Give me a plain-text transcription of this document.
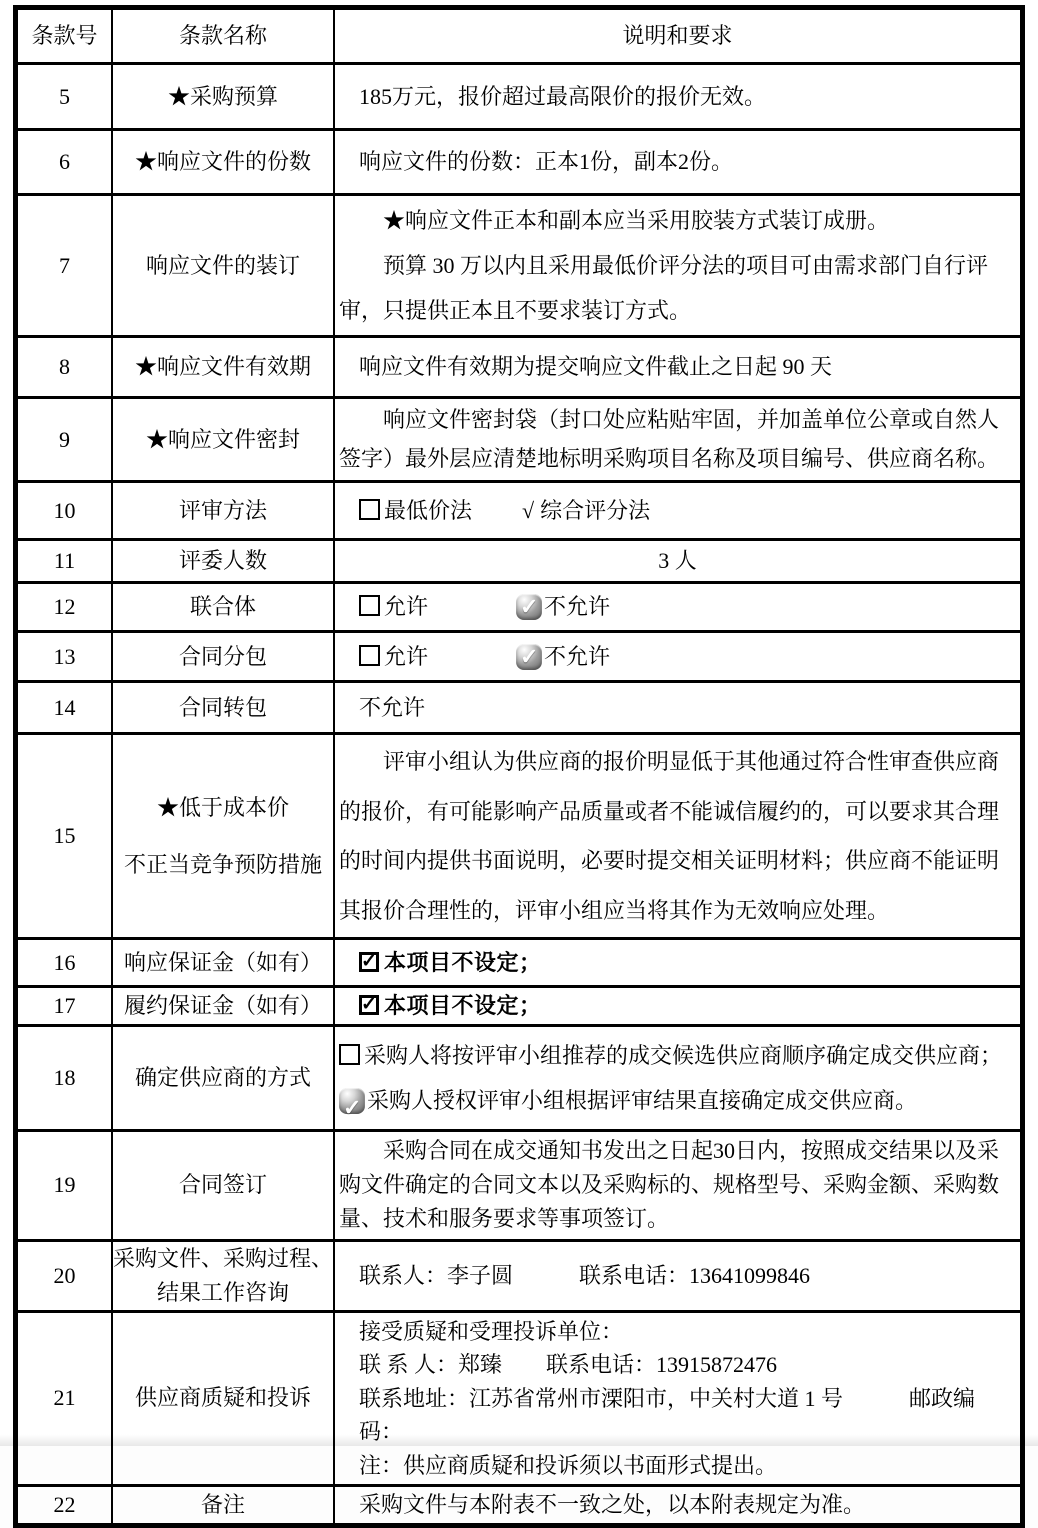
条款号	条款名称	说明和要求
5	★采购预算	185万元，报价超过最高限价的报价无效。
6	★响应文件的份数	响应文件的份数：正本1份，副本2份。
7	响应文件的装订	★响应文件正本和副本应当采用胶装方式装订成册。
预算 30 万以内且采用最低价评分法的项目可由需求部门自行评审，只提供正本且不要求装订方式。

8	★响应文件有效期	响应文件有效期为提交响应文件截止之日起 90 天
9	★响应文件密封	响应文件密封袋（封口处应粘贴牢固，并加盖单位公章或自然人签字）最外层应清楚地标明采购项目名称及项目编号、供应商名称。

10	评审方法	最低价法 √ 综合评分法
11	评委人数	3 人
12	联合体	允许 ✓ 不允许
13	合同分包	允许 ✓ 不允许
14	合同转包	不允许
15	★低于成本价
不正当竞争预防措施	评审小组认为供应商的报价明显低于其他通过符合性审查供应商的报价，有可能影响产品质量或者不能诚信履约的，可以要求其合理的时间内提供书面说明，必要时提交相关证明材料；供应商不能证明其报价合理性的，评审小组应当将其作为无效响应处理。

16	响应保证金（如有）	✓本项目不设定；
17	履约保证金（如有）	✓本项目不设定；
18	确定供应商的方式	采购人将按评审小组推荐的成交候选供应商顺序确定成交供应商；
✓采购人授权评审小组根据评审结果直接确定成交供应商。

19	合同签订	采购合同在成交通知书发出之日起30日内，按照成交结果以及采购文件确定的合同文本以及采购标的、规格型号、采购金额、采购数量、技术和服务要求等事项签订。

20	采购文件、采购过程、
结果工作咨询	联系人：李子圆　　　联系电话：13641099846
21	供应商质疑和投诉	接受质疑和受理投诉单位：
联 系 人：郑臻　　联系电话：13915872476
联系地址：江苏省常州市溧阳市，中关村大道 1 号　　　邮政编码：
注：供应商质疑和投诉须以书面形式提出。

22	备注	采购文件与本附表不一致之处，以本附表规定为准。
